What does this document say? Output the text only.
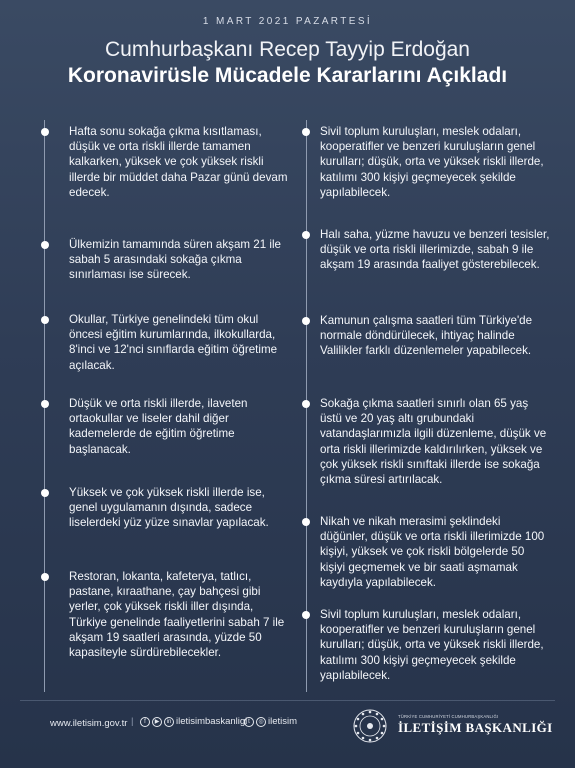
1 MART 2021 PAZARTESİ
Cumhurbaşkanı Recep Tayyip Erdoğan
Koronavirüsle Mücadele Kararlarını Açıkladı
Hafta sonu sokağa çıkma kısıtlaması, düşük ve orta riskli illerde tamamen kalkarken, yüksek ve çok yüksek riskli illerde bir müddet daha Pazar günü devam edecek.
Ülkemizin tamamında süren akşam 21 ile sabah 5 arasındaki sokağa çıkma sınırlaması ise sürecek.
Okullar, Türkiye genelindeki tüm okul öncesi eğitim kurumlarında, ilkokullarda, 8'inci ve 12'nci sınıflarda eğitim öğretime açılacak.
Düşük ve orta riskli illerde, ilaveten ortaokullar ve liseler dahil diğer kademelerde de eğitim öğretime başlanacak.
Yüksek ve çok yüksek riskli illerde ise, genel uygulamanın dışında, sadece liselerdeki yüz yüze sınavlar yapılacak.
Restoran, lokanta, kafeterya, tatlıcı, pastane, kıraathane, çay bahçesi gibi yerler, çok yüksek riskli iller dışında, Türkiye genelinde faaliyetlerini sabah 7 ile akşam 19 saatleri arasında, yüzde 50 kapasiteyle sürdürebilecekler.
Sivil toplum kuruluşları, meslek odaları, kooperatifler ve benzeri kuruluşların genel kurulları; düşük, orta ve yüksek riskli illerde, katılımı 300 kişiyi geçmeyecek şekilde yapılabilecek.
Halı saha, yüzme havuzu ve benzeri tesisler, düşük ve orta riskli illerimizde, sabah 9 ile akşam 19 arasında faaliyet gösterebilecek.
Kamunun çalışma saatleri tüm Türkiye'de normale döndürülecek, ihtiyaç halinde Valilikler farklı düzenlemeler yapabilecek.
Sokağa çıkma saatleri sınırlı olan 65 yaş üstü ve 20 yaş altı grubundaki vatandaşlarımızla ilgili düzenleme, düşük ve orta riskli illerimizde kaldırılırken, yüksek ve çok yüksek riskli sınıftaki illerde ise sokağa çıkma süresi artırılacak.
Nikah ve nikah merasimi şeklindeki düğünler, düşük ve orta riskli illerimizde 100 kişiyi, yüksek ve çok riskli bölgelerde 50 kişiyi geçmemek ve bir saati aşmamak kaydıyla yapılabilecek.
Sivil toplum kuruluşları, meslek odaları, kooperatifler ve benzeri kuruluşların genel kurulları; düşük, orta ve yüksek riskli illerde, katılımı 300 kişiyi geçmeyecek şekilde yapılabilecek.
www.iletisim.gov.tr |	f	▶	in iletisimbaskanligi t	◎ iletisim	TÜRKİYE CUMHURİYETİ CUMHURBAŞKANLIĞI
İLETİŞİM BAŞKANLIĞI
